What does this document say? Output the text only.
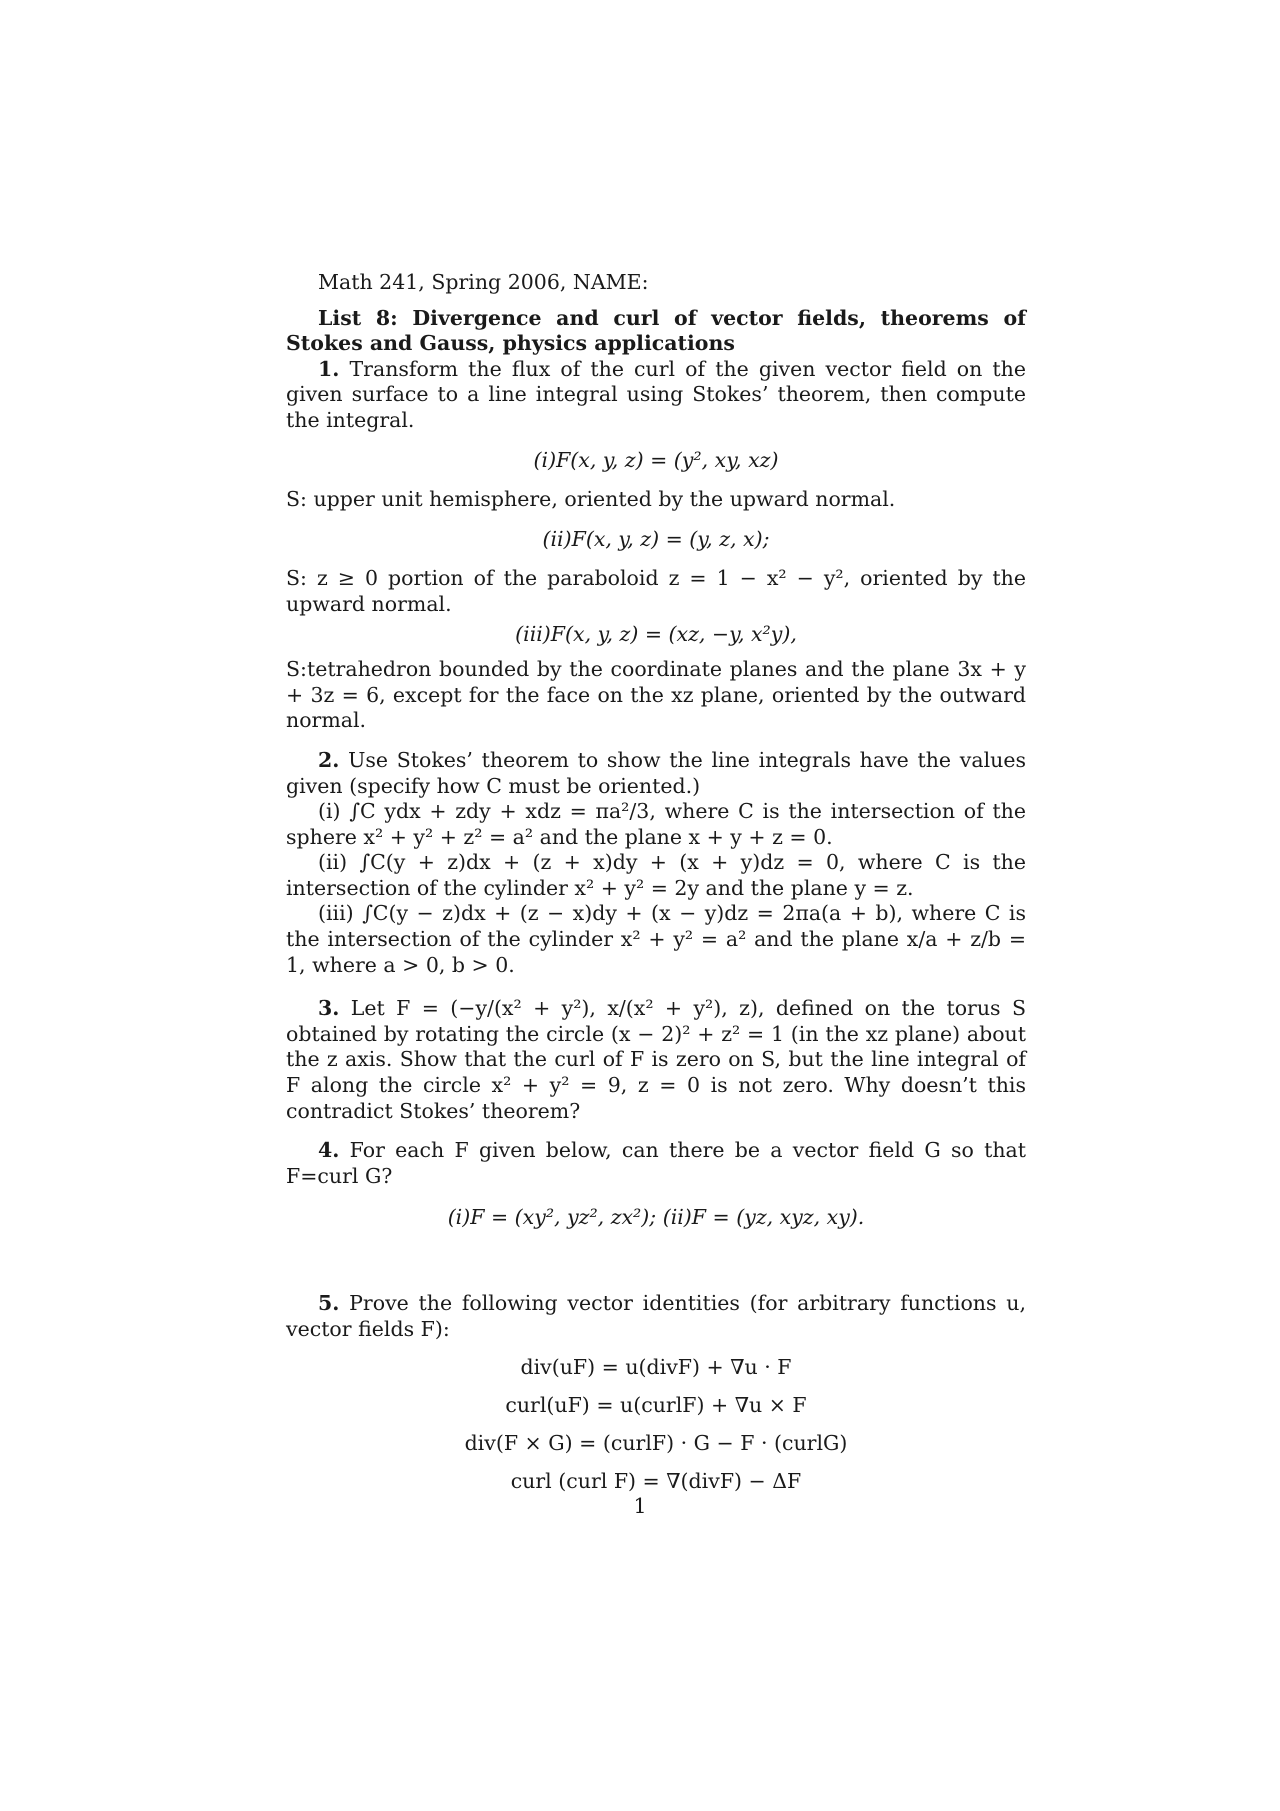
Math 241, Spring 2006, NAME:

List 8: Divergence and curl of vector fields, theorems of Stokes and Gauss, physics applications

1. Transform the flux of the curl of the given vector field on the given surface to a line integral using Stokes’ theorem, then compute the integral.

(i)F(x, y, z) = (y², xy, xz)

S: upper unit hemisphere, oriented by the upward normal.

(ii)F(x, y, z) = (y, z, x);

S: z ≥ 0 portion of the paraboloid z = 1 − x² − y², oriented by the upward normal.

(iii)F(x, y, z) = (xz, −y, x²y),

S:tetrahedron bounded by the coordinate planes and the plane 3x + y + 3z = 6, except for the face on the xz plane, oriented by the outward normal.

2. Use Stokes’ theorem to show the line integrals have the values given (specify how C must be oriented.)

(i) ∫C ydx + zdy + xdz = πa²/3, where C is the intersection of the sphere x² + y² + z² = a² and the plane x + y + z = 0.

(ii) ∫C(y + z)dx + (z + x)dy + (x + y)dz = 0, where C is the intersection of the cylinder x² + y² = 2y and the plane y = z.

(iii) ∫C(y − z)dx + (z − x)dy + (x − y)dz = 2πa(a + b), where C is the intersection of the cylinder x² + y² = a² and the plane x/a + z/b = 1, where a > 0, b > 0.

3. Let F = (−y/(x² + y²), x/(x² + y²), z), defined on the torus S obtained by rotating the circle (x − 2)² + z² = 1 (in the xz plane) about the z axis. Show that the curl of F is zero on S, but the line integral of F along the circle x² + y² = 9, z = 0 is not zero. Why doesn’t this contradict Stokes’ theorem?

4. For each F given below, can there be a vector field G so that F=curl G?

(i)F = (xy², yz², zx²); (ii)F = (yz, xyz, xy).

5. Prove the following vector identities (for arbitrary functions u, vector fields F):

div(uF) = u(divF) + ∇u · F

curl(uF) = u(curlF) + ∇u × F

div(F × G) = (curlF) · G − F · (curlG)

curl (curl F) = ∇(divF) − ΔF

1
